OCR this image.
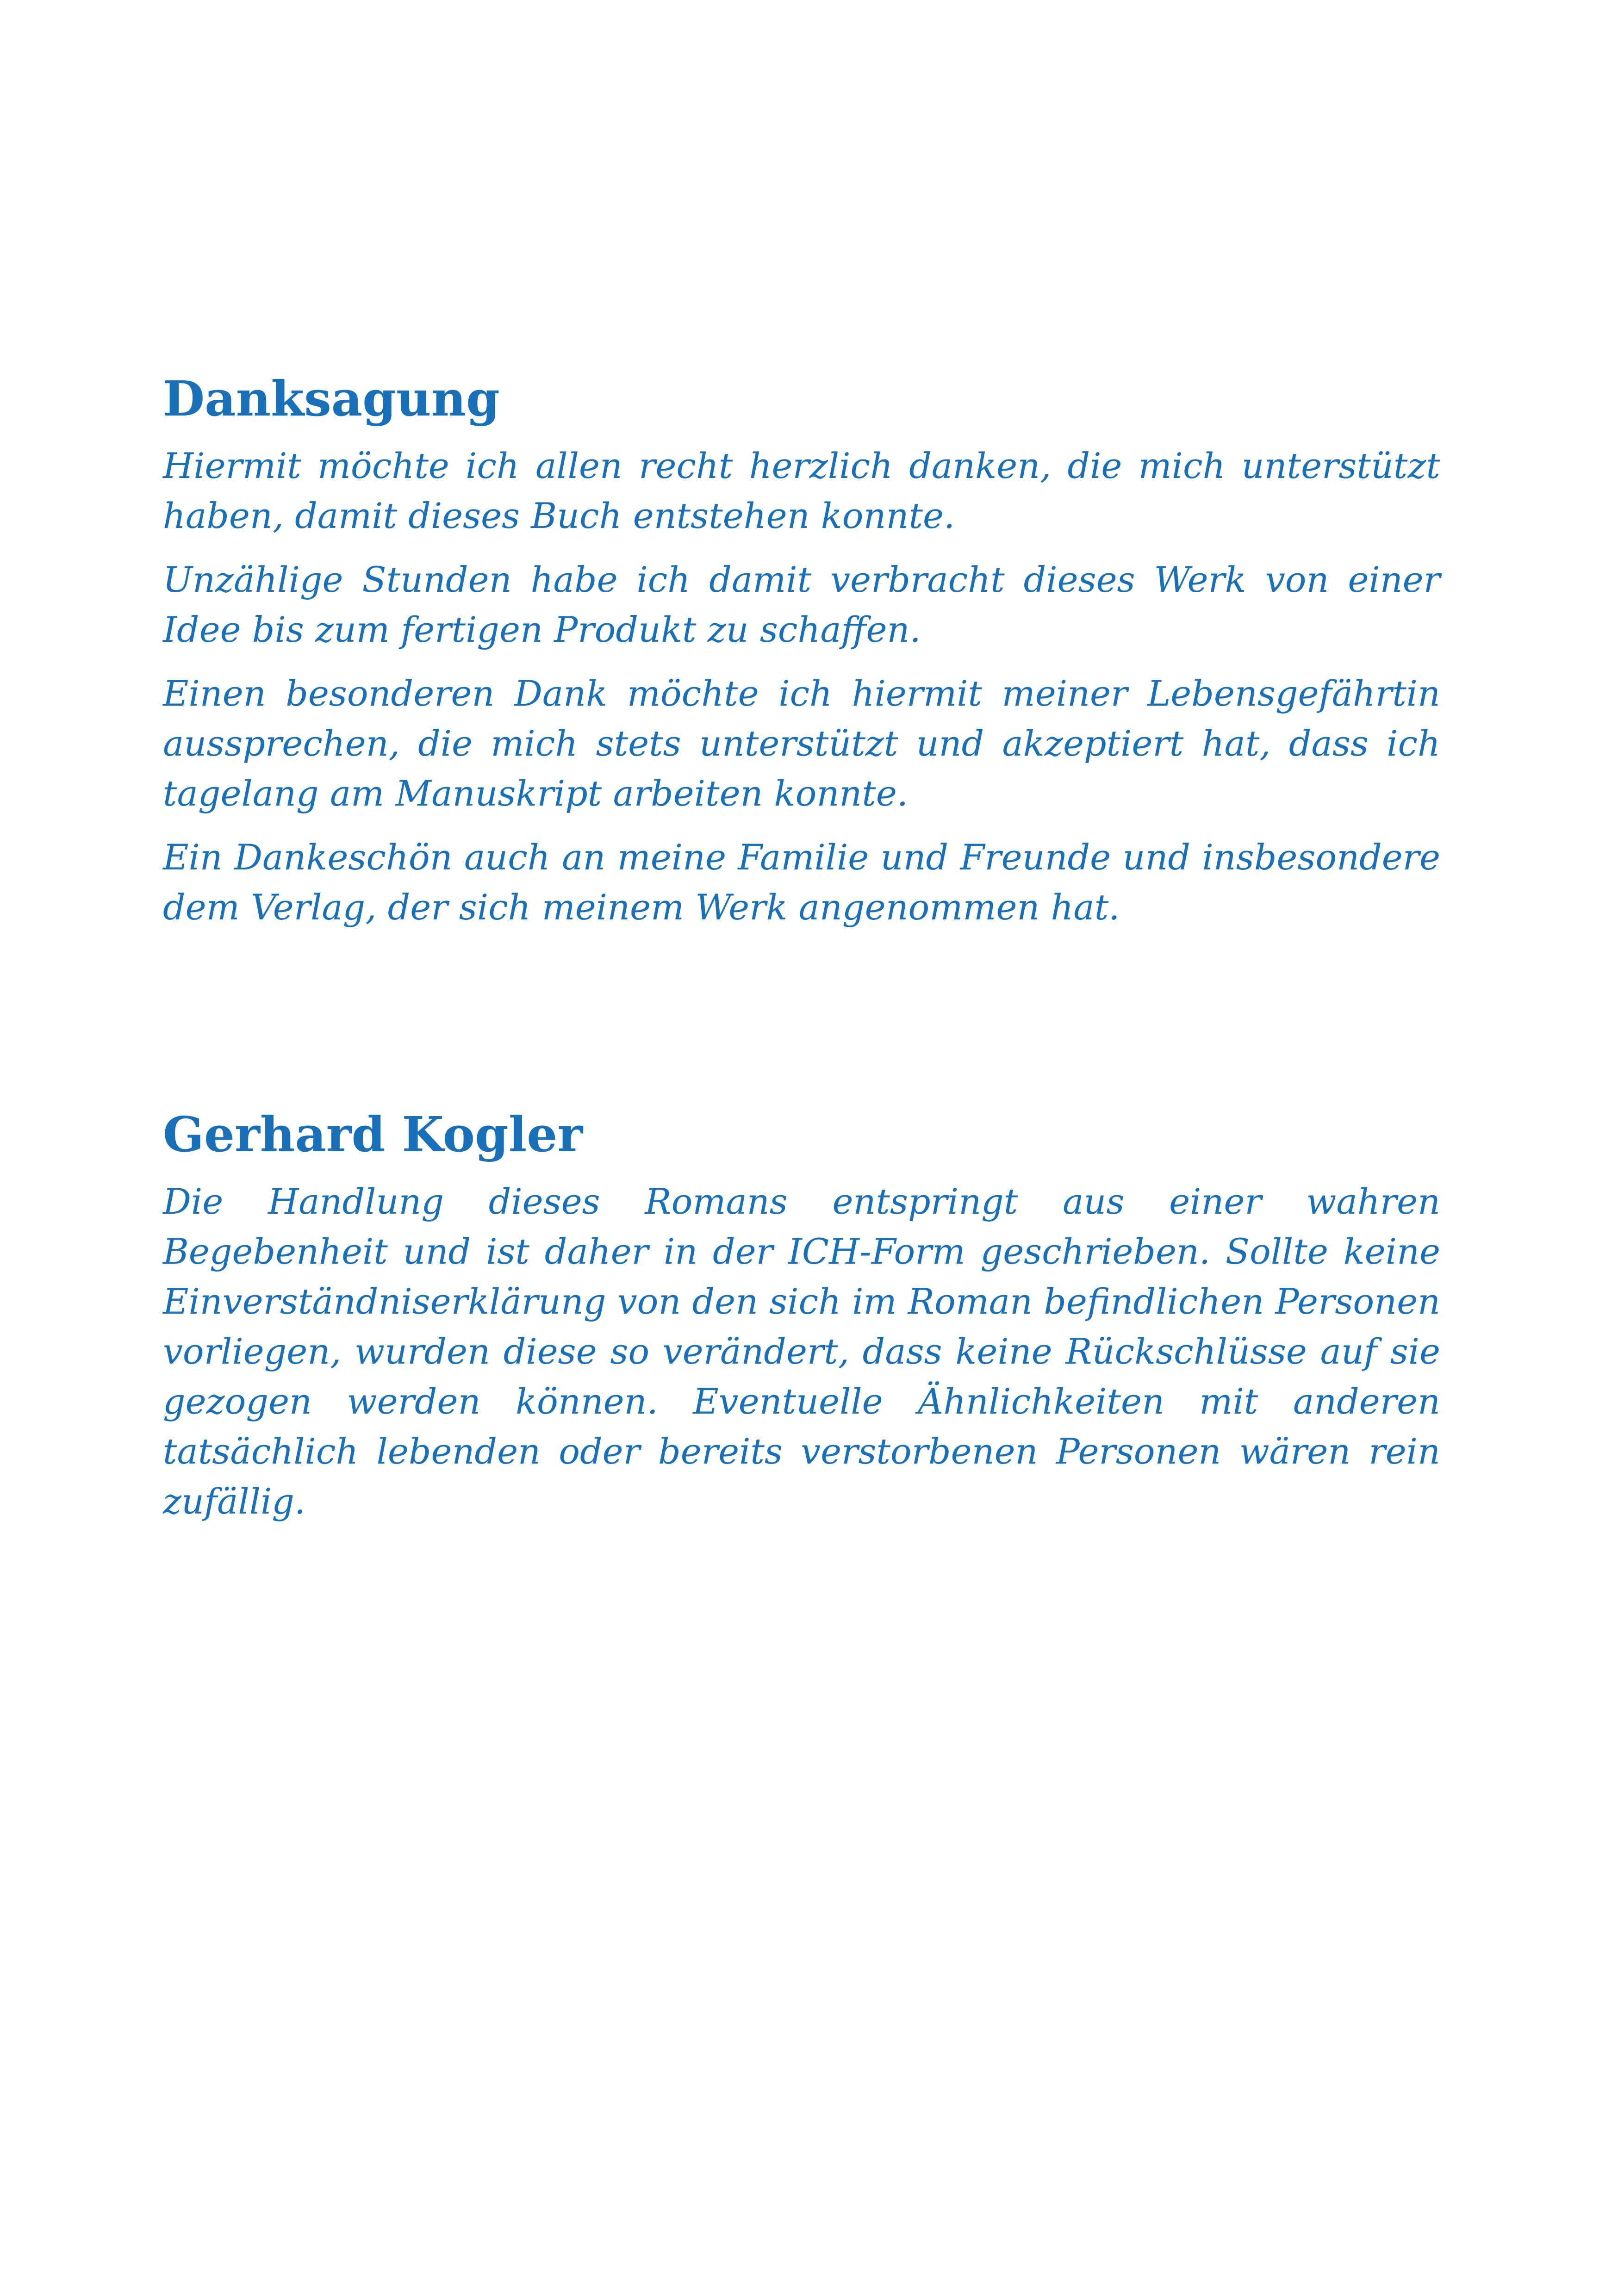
Danksagung

Hiermit möchte ich allen recht herzlich danken, die mich unterstützt haben, damit dieses Buch entstehen konnte.

Unzählige Stunden habe ich damit verbracht dieses Werk von einer Idee bis zum fertigen Produkt zu schaffen.

Einen besonderen Dank möchte ich hiermit meiner Lebensgefährtin aussprechen, die mich stets unterstützt und akzeptiert hat, dass ich tagelang am Manuskript arbeiten konnte.

Ein Dankeschön auch an meine Familie und Freunde und insbesondere dem Verlag, der sich meinem Werk angenommen hat.

Gerhard Kogler

Die Handlung dieses Romans entspringt aus einer wahren Begebenheit und ist daher in der ICH-Form geschrieben. Sollte keine Einverständniserklärung von den sich im Roman befindlichen Personen vorliegen, wurden diese so verändert, dass keine Rückschlüsse auf sie gezogen werden können. Eventuelle Ähnlichkeiten mit anderen tatsächlich lebenden oder bereits verstorbenen Personen wären rein zufällig.
